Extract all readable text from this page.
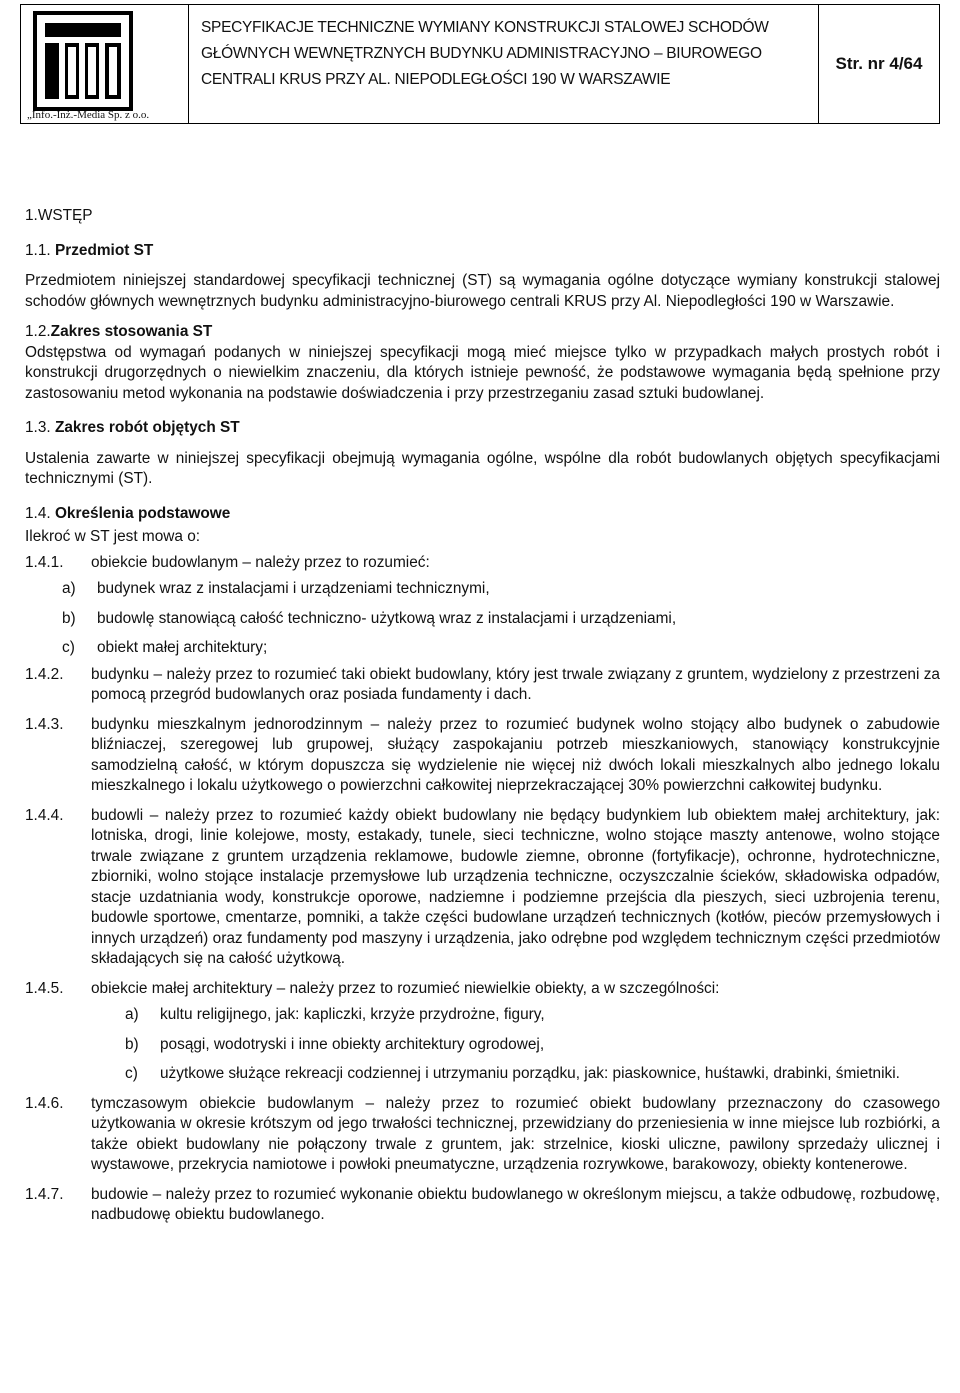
„Info.-Inż.-Media Sp. z o.o.
SPECYFIKACJE TECHNICZNE WYMIANY KONSTRUKCJI STALOWEJ SCHODÓW
GŁÓWNYCH WEWNĘTRZNYCH BUDYNKU ADMINISTRACYJNO – BIUROWEGO
CENTRALI KRUS PRZY AL. NIEPODLEGŁOŚCI 190 W WARSZAWIE
Str. nr 4/64
1.WSTĘP
1.1. Przedmiot ST

Przedmiotem niniejszej standardowej specyfikacji technicznej (ST) są wymagania ogólne dotyczące wymiany konstrukcji stalowej schodów głównych wewnętrznych budynku administracyjno-biurowego centrali KRUS przy Al. Niepodległości 190 w Warszawie.

1.2.Zakres stosowania ST

Odstępstwa od wymagań podanych w niniejszej specyfikacji mogą mieć miejsce tylko w przypadkach małych prostych robót i konstrukcji drugorzędnych o niewielkim znaczeniu, dla których istnieje pewność, że podstawowe wymagania będą spełnione przy zastosowaniu metod wykonania na podstawie doświadczenia i przy przestrzeganiu zasad sztuki budowlanej.

1.3. Zakres robót objętych ST

Ustalenia zawarte w niniejszej specyfikacji obejmują wymagania ogólne, wspólne dla robót budowlanych objętych specyfikacjami technicznymi (ST).

1.4. Określenia podstawowe
Ilekroć w ST jest mowa o:
1.4.1.	obiekcie budowlanym – należy przez to rozumieć:
a)	budynek wraz z instalacjami i urządzeniami technicznymi,
b)	budowlę stanowiącą całość techniczno- użytkową wraz z instalacjami i urządzeniami,
c)	obiekt małej architektury;
1.4.2.	budynku – należy przez to rozumieć taki obiekt budowlany, który jest trwale związany z gruntem, wydzielony z przestrzeni za pomocą przegród budowlanych oraz posiada fundamenty i dach.
1.4.3.	budynku mieszkalnym jednorodzinnym – należy przez to rozumieć budynek wolno stojący albo budynek o zabudowie bliźniaczej, szeregowej lub grupowej, służący zaspokajaniu potrzeb mieszkaniowych, stanowiący konstrukcyjnie samodzielną całość, w którym dopuszcza się wydzielenie nie więcej niż dwóch lokali mieszkalnych albo jednego lokalu mieszkalnego i lokalu użytkowego o powierzchni całkowitej nieprzekraczającej 30% powierzchni całkowitej budynku.
1.4.4.	budowli – należy przez to rozumieć każdy obiekt budowlany nie będący budynkiem lub obiektem małej architektury, jak: lotniska, drogi, linie kolejowe, mosty, estakady, tunele, sieci techniczne, wolno stojące maszty antenowe, wolno stojące trwale związane z gruntem urządzenia reklamowe, budowle ziemne, obronne (fortyfikacje), ochronne, hydrotechniczne, zbiorniki, wolno stojące instalacje przemysłowe lub urządzenia techniczne, oczyszczalnie ścieków, składowiska odpadów, stacje uzdatniania wody, konstrukcje oporowe, nadziemne i podziemne przejścia dla pieszych, sieci uzbrojenia terenu, budowle sportowe, cmentarze, pomniki, a także części budowlane urządzeń technicznych (kotłów, pieców przemysłowych i innych urządzeń) oraz fundamenty pod maszyny i urządzenia, jako odrębne pod względem technicznym części przedmiotów składających się na całość użytkową.
1.4.5.	obiekcie małej architektury – należy przez to rozumieć niewielkie obiekty, a w szczególności:
a)	kultu religijnego, jak: kapliczki, krzyże przydrożne, figury,
b)	posągi, wodotryski i inne obiekty architektury ogrodowej,
c)	użytkowe służące rekreacji codziennej i utrzymaniu porządku, jak: piaskownice, huśtawki, drabinki, śmietniki.
1.4.6.	tymczasowym obiekcie budowlanym – należy przez to rozumieć obiekt budowlany przeznaczony do czasowego użytkowania w okresie krótszym od jego trwałości technicznej, przewidziany do przeniesienia w inne miejsce lub rozbiórki, a także obiekt budowlany nie połączony trwale z gruntem, jak: strzelnice, kioski uliczne, pawilony sprzedaży ulicznej i wystawowe, przekrycia namiotowe i powłoki pneumatyczne, urządzenia rozrywkowe, barakowozy, obiekty kontenerowe.
1.4.7.	budowie – należy przez to rozumieć wykonanie obiektu budowlanego w określonym miejscu, a także odbudowę, rozbudowę, nadbudowę obiektu budowlanego.
